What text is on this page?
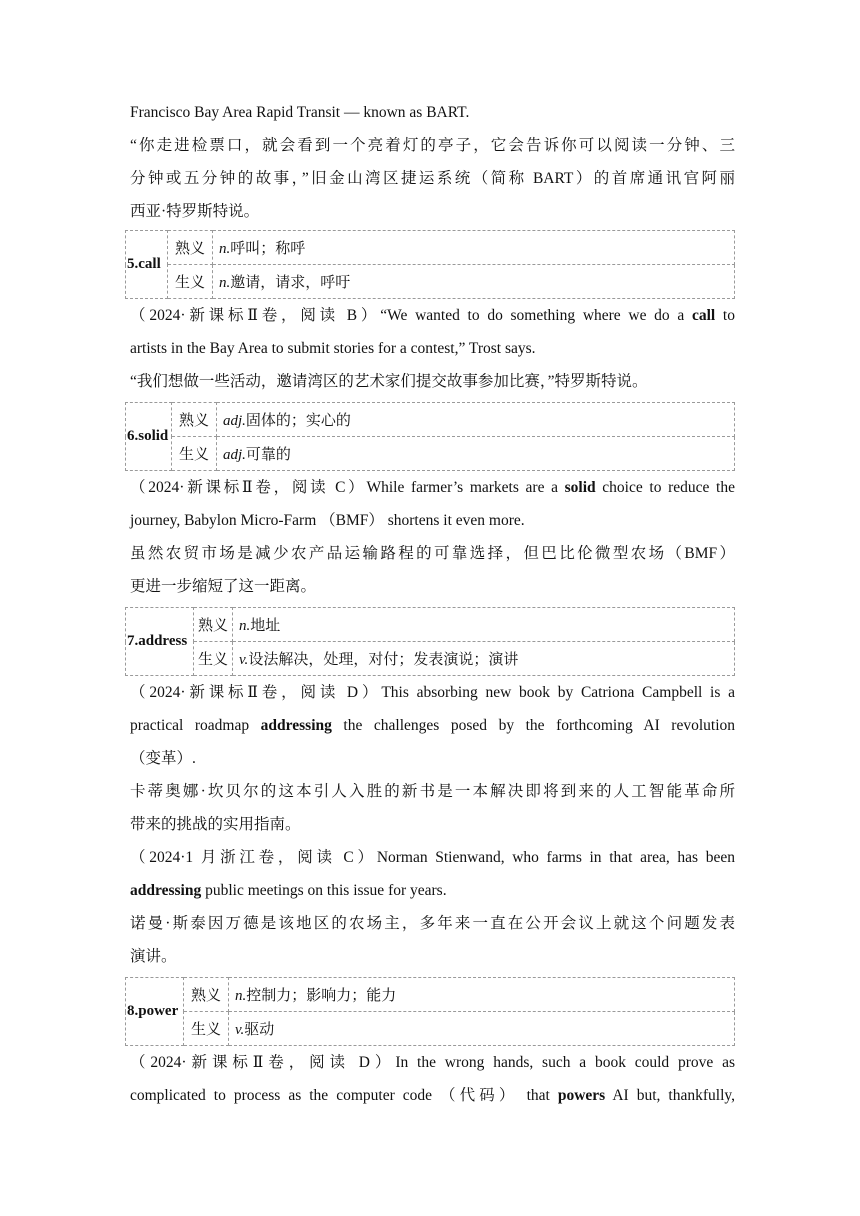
Francisco Bay Area Rapid Transit — known as BART.
“你走进检票口，就会看到一个亮着灯的亭子，它会告诉你可以阅读一分钟、三
分钟或五分钟的故事，”旧金山湾区捷运系统（简称 BART）的首席通讯官阿丽
西亚·特罗斯特说。
5.call	熟义	n.呼叫；称呼
	生义	n.邀请，请求，呼吁
（2024·新课标Ⅱ卷，阅读 B）“We wanted to do something where we do a call to
artists in the Bay Area to submit stories for a contest,” Trost says.
“我们想做一些活动，邀请湾区的艺术家们提交故事参加比赛，”特罗斯特说。
6.solid	熟义	adj.固体的；实心的
	生义	adj.可靠的
（2024·新课标Ⅱ卷，阅读 C）While farmer’s markets are a solid choice to reduce the
journey, Babylon Micro-Farm （BMF） shortens it even more.
虽然农贸市场是减少农产品运输路程的可靠选择，但巴比伦微型农场（BMF）
更进一步缩短了这一距离。
7.address	熟义	n.地址
	生义	v.设法解决，处理，对付；发表演说；演讲
（2024·新课标Ⅱ卷，阅读 D）This absorbing new book by Catriona Campbell is a
practical roadmap addressing the challenges posed by the forthcoming AI revolution
（变革）.
卡蒂奥娜·坎贝尔的这本引人入胜的新书是一本解决即将到来的人工智能革命所
带来的挑战的实用指南。
（2024·1 月浙江卷，阅读 C）Norman Stienwand, who farms in that area, has been
addressing public meetings on this issue for years.
诺曼·斯泰因万德是该地区的农场主，多年来一直在公开会议上就这个问题发表
演讲。
8.power	熟义	n.控制力；影响力；能力
	生义	v.驱动
（2024·新课标Ⅱ卷，阅读 D）In the wrong hands, such a book could prove as
complicated to process as the computer code （代码） that powers AI but, thankfully,
